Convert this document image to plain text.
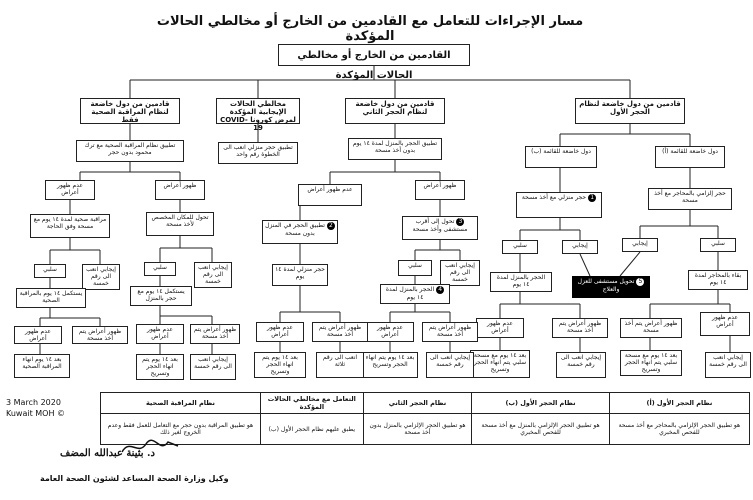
مسار الإجراءات للتعامل مع القادمين من الخارج أو مخالطي الحالات المؤكدة
القادمين من الخارج أو مخالطي الحالات المؤكدة
قادمين من دول خاضعة لنظام الحجر الأول
دول خاضعة للقائمة (أ)
حجر إلزامي بالمحاجر مع أخذ مسحة
إيجابي	سلبي
5تحويل مستشفى للعزل والعلاج
بقاء بالمحاجر لمدة ١٤ يوم
ظهور أعراض يتم أخذ مسحة
عدم ظهور أعراض
بعد ١٤ يوم مع مسحة سلبي يتم انهاء الحجر وتسريح
إيجابي انعب الى رقم خمسة
دول خاضعة للقائمة (ب)
1حجر منزلي مع أخذ مسحة
سلبي	إيجابي
الحجر بالمنزل لمدة ١٤ يوم
عدم ظهور أعراض
ظهور أعراض يتم أخذ مسحة
بعد ١٤ يوم مع مسحة سلبي يتم انهاء الحجر وتسريح
إيجابي انعب الى رقم خمسة
قادمين من دول خاضعة لنظام الحجر الثاني
تطبيق الحجر بالمنزل لمدة ١٤ يوم بدون أخذ مسحة
ظهور أعراض
عدم ظهور أعراض
3تحول إلى أقرب مستشفى وأخذ مسحة
2تطبيق الحجر في المنزل بدون مسحة
سلبي	إيجابي انعب الى رقم خمسة
4الحجر بالمنزل لمدة ١٤ يوم
حجر منزلي لمدة ١٤ يوم
عدم ظهور أعراض
ظهور أعراض يتم أخذ مسحة
بعد ١٤ يوم يتم انهاء الحجر وتسريح
إيجابي انعب الى رقم خمسة
عدم ظهور أعراض
ظهور أعراض يتم أخذ مسحة
بعد ١٤ يوم يتم انهاء الحجر وتسريح
انعب الى رقم ثلاثة
مخالطي الحالات الإيجابية المؤكدة لمرض كورونا COVID-19
تطبيق حجر منزلي انعب الى الخطوة رقم واحد
قادمين من دول خاضعة لنظام المراقبة الصحية فقط
تطبيق نظام المراقبة الصحية مع ترك محمود بدون حجر
ظهور أعراض
عدم ظهور أعراض
تحول للمكان المخصص لأخذ مسحة
مراقبة صحية لمدة ١٤ يوم مع مسحة وفق الحاجة
سلبي	إيجابي انعب الى رقم خمسة
سلبي	إيجابي انعب الى رقم خمسة
يستكمل ١٤ يوم مع حجر بالمنزل
يستكمل ١٤ يوم بالمراقبة الصحية
عدم ظهور أعراض
ظهور أعراض يتم أخذ مسحة
بعد ١٤ يوم يتم انهاء الحجر وتسريح
إيجابي انعب الى رقم خمسة
عدم ظهور أعراض
ظهور أعراض يتم أخذ مسحة
بعد ١٤ يوم انهاء المراقبة الصحية
نظام الحجر الأول (أ)	نظام الحجر الأول (ب)	نظام الحجر الثاني	التعامل مع مخالطي الحالات المؤكدة	نظام المراقبة الصحية
هو تطبيق الحجر الإلزامي بالمحاجر مع أخذ مسحة للفحص المخبري	هو تطبيق الحجر الإلزامي بالمنزل مع أخذ مسحة للفحص المخبري	هو تطبيق الحجر الإلزامي بالمنزل بدون أخذ مسحة	يطبق عليهم نظام الحجر الأول (ب)	هو تطبيق المراقبة بدون حجر مع التعامل للعمل فقط وعدم الخروج لغير ذلك
3 March 2020
Kuwait MOH ©
د. بثينة عبدالله المضف
وكيل وزارة الصحة المساعد لشئون الصحة العامة
